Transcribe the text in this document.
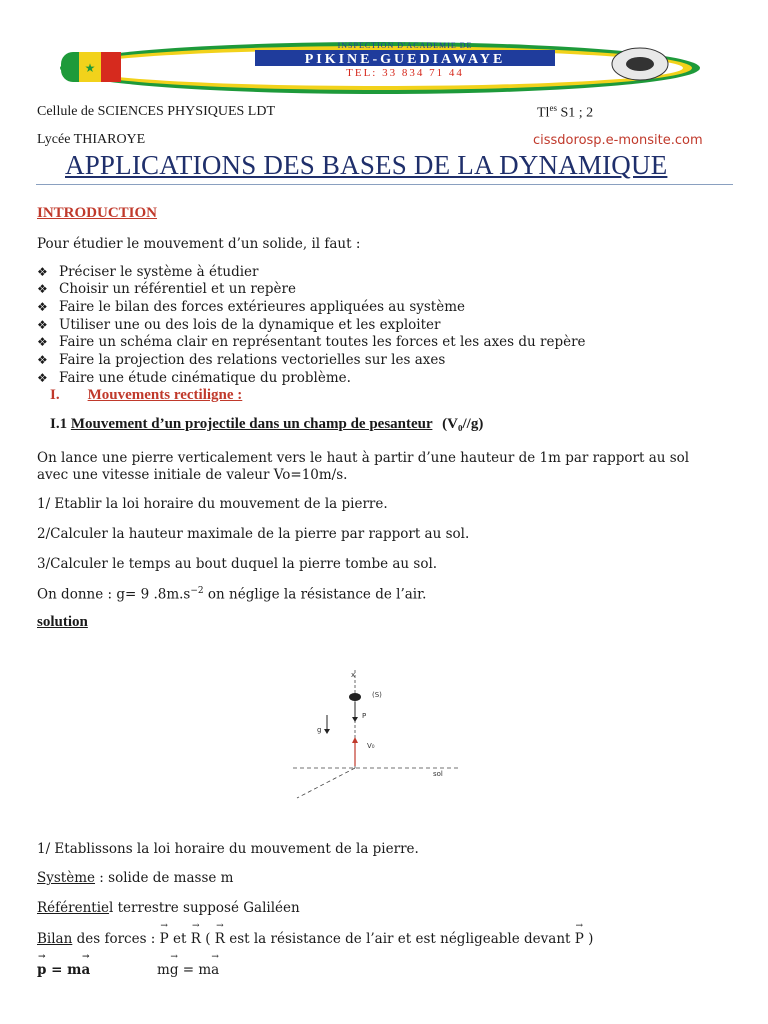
★
INSPECTION D'ACADEMIE DE
PIKINE-GUEDIAWAYE
TEL: 33 834 71 44
Cellule de SCIENCES PHYSIQUES LDT	$Tl^{es}$ S1 ; 2
Lycée THIAROYE	cissdorosp.e-monsite.com
APPLICATIONS DES BASES DE LA DYNAMIQUE
INTRODUCTION
Pour étudier le mouvement d’un solide, il faut :
❖ Préciser le système à étudier
❖ Choisir un référentiel et un repère
❖ Faire le bilan des forces extérieures appliquées au système
❖ Utiliser une ou des lois de la dynamique et les exploiter
❖ Faire un schéma clair en représentant toutes les forces et les axes du repère
❖ Faire la projection des relations vectorielles sur les axes
❖ Faire une étude cinématique du problème.
I. Mouvements rectiligne :
I.1 Mouvement d’un projectile dans un champ de pesanteur (V₀//g)
On lance une pierre verticalement vers le haut à partir d’une hauteur de 1m par rapport au sol
avec une vitesse initiale de valeur Vo=10m/s.
1/ Etablir la loi horaire du mouvement de la pierre.
2/Calculer la hauteur maximale de la pierre par rapport au sol.
3/Calculer le temps au bout duquel la pierre tombe au sol.
On donne : g= 9 $.8m.s^{-2}$ on néglige la résistance de l’air.
solution
x
(S)
P
g
V₀
sol
1/ Etablissons la loi horaire du mouvement de la pierre.
Système : solide de masse m
Référentiel terrestre supposé Galiléen
Bilan des forces : → P et → R ( → R est la résistance de l’air et est négligeable devant → P )
→ p = m→ a	m→ g = m→ a
